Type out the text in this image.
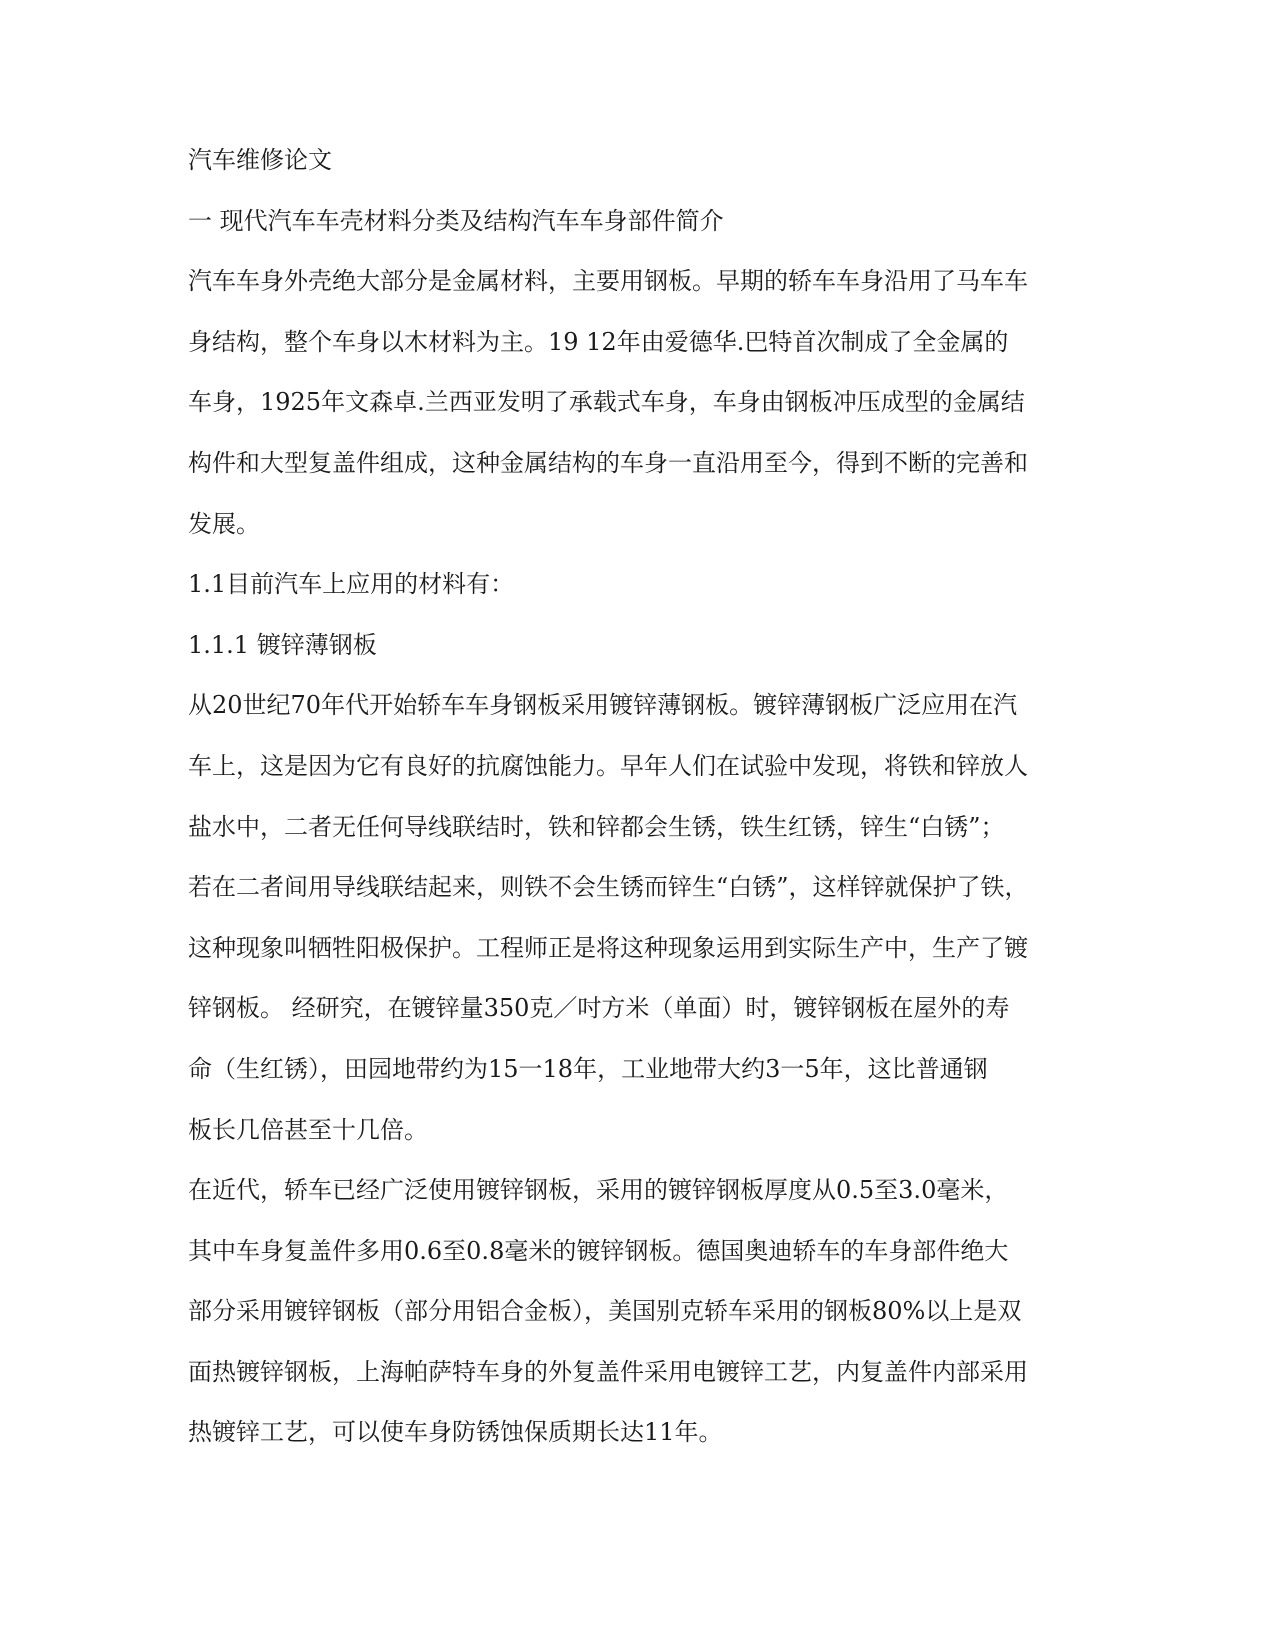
汽车维修论文
一 现代汽车车壳材料分类及结构汽车车身部件简介
汽车车身外壳绝大部分是金属材料，主要用钢板。早期的轿车车身沿用了马车车
身结构，整个车身以木材料为主。19 12年由爱德华.巴特首次制成了全金属的
车身，1925年文森卓.兰西亚发明了承载式车身，车身由钢板冲压成型的金属结
构件和大型复盖件组成，这种金属结构的车身一直沿用至今，得到不断的完善和
发展。
1.1目前汽车上应用的材料有：
1.1.1 镀锌薄钢板
从20世纪70年代开始轿车车身钢板采用镀锌薄钢板。镀锌薄钢板广泛应用在汽
车上，这是因为它有良好的抗腐蚀能力。早年人们在试验中发现，将铁和锌放人
盐水中，二者无任何导线联结时，铁和锌都会生锈，铁生红锈，锌生“白锈”；
若在二者间用导线联结起来，则铁不会生锈而锌生“白锈”，这样锌就保护了铁，
这种现象叫牺牲阳极保护。工程师正是将这种现象运用到实际生产中，生产了镀
锌钢板。 经研究，在镀锌量350克／吋方米（单面）时，镀锌钢板在屋外的寿
命（生红锈），田园地带约为15一18年，工业地带大约3一5年，这比普通钢
板长几倍甚至十几倍。
在近代，轿车已经广泛使用镀锌钢板，采用的镀锌钢板厚度从0.5至3.0毫米，
其中车身复盖件多用0.6至0.8毫米的镀锌钢板。德国奥迪轿车的车身部件绝大
部分采用镀锌钢板（部分用铝合金板），美国别克轿车采用的钢板80%以上是双
面热镀锌钢板，上海帕萨特车身的外复盖件采用电镀锌工艺，内复盖件内部采用
热镀锌工艺，可以使车身防锈蚀保质期长达11年。
